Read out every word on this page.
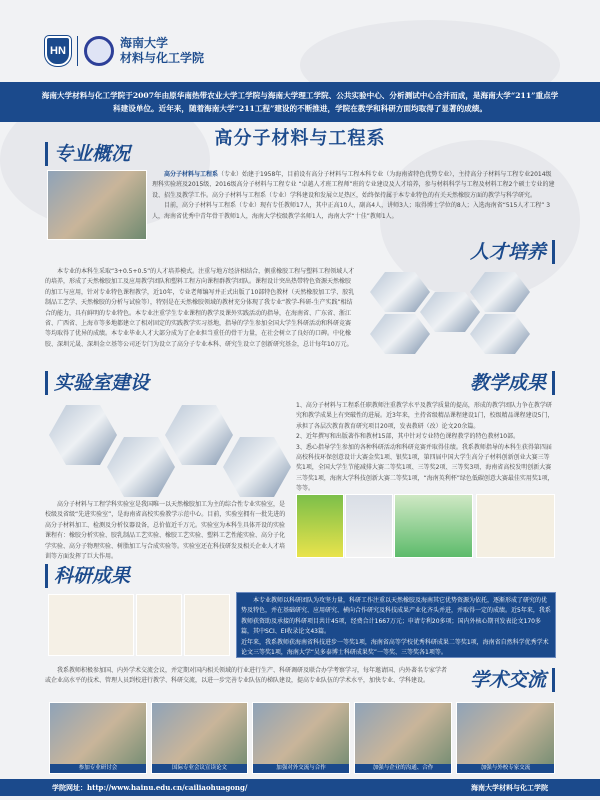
HN
海南大学
材料与化工学院
海南大学材料与化工学院于2007年由原华南热带农业大学工学院与海南大学理工学院、公共实验中心、分析测试中心合并而成，是海南大学“211”重点学科建设单位。近年来，随着海南大学“211工程”建设的不断推进，学院在教学和科研方面均取得了显著的成绩。
高分子材料与工程系
专业概况

高分子材料与工程系（专业）始建于1958年，目前设有高分子材料与工程本科专业（为海南省特色优势专业），主持高分子材料与工程专业2014级理科实验班及2015级、2016级高分子材料与工程专业 “卓越人才班工程师”班的专业建设及人才培养，参与材料科学与工程及材料工程2个硕士专业的建设、招生及教学工作。高分子材料与工程系（专业）学科建设和发展立足热区，始终保持属于本专业特色的有关天然橡胶方面的教学与科学研究。

目前，高分子材料与工程系（专业）现有专任教师17人，其中正高10人，副高4人，讲师3人；取得博士学位的8人；入选海南省“515人才工程” 3人，海南省优秀中青年骨干教师1人，海南大学校级教学名师1人，海南大学“十佳”教师1人。

人才培养

本专业的本科生采取“3+0.5+0.5”的人才培养模式。注重与地方经济相结合，侧重橡胶工程与塑料工程领域人才的培养，形成了天然橡胶加工及应用教学团队和塑料工程方向课程群教学团队。课程设计突出热带特色资源天然橡胶的加工与应用，针对专业特色课程教学，近10年，专业老师编写并正式出版了10部特色教材（天然橡胶加工学、胶乳制品工艺学、天然橡胶的分析与试验等），特别是在天然橡胶领域的教材充分体现了我专业“教学-科研-生产实践”相结合的能力，具有鲜明的专业特色。本专业注重学生专业课程的教学及课外实践活动的指导，在海南省、广东省、浙江省、广西省、上海市等多地都建立了相对固定的实践教学实习基地，指导的学生参加全国大学生科研活动和科研竞赛等均取得了优异的成绩。本专业毕业人才大部分成为了企业担当重任的骨干力量，在社会树立了良好的口碑。中化橡胶、深圳元晟、深圳金立基等公司还专门为设立了高分子专业本科、研究生设立了创新研究基金，总计每年10万元。

实验室建设

高分子材料与工程学科实验室是我国唯一以天然橡胶加工为主的综合性专业实验室，是校级及省级“先进实验室”，是海南省高校实验教学示范中心。目前，实验室拥有一批先进的高分子材料加工、检测及分析仪器设备，总价值近千万元。实验室为本科生具体开设的实验课程有：橡胶分析实验、胶乳制品工艺实验、橡胶工艺实验、塑料工艺性能实验、高分子化学实验、高分子物理实验、树脂加工与合成实验等。实验室还在科技研发及相关企业人才培训等方面发挥了巨大作用。

教学成果

1、高分子材料与工程系任职教师注重教学水平及教学质量的提高，形成的教学团队力争在教学研究和教学成果上有突破性的进展。近3年来，主持省级精品课程建设1门，校级精品课程建设5门，承担了各层次教育教育研究项目20项，发表教研（改）论文20余篇。

2、近年撰写和出版著作和教材15部，其中针对专业特色课程教学的特色教材10部。

3、悉心指导学生参加的各种科研活动和科研竞赛并取得佳绩。我系教师指导的本科生获得第四届高校科技环保创意设计大赛金奖1项、银奖1项，第四届中国大学生高分子材料创新创业大赛三等奖1项，全国大学生节能减排大赛二等奖1项、三等奖2项、三等奖3项，海南省高校发明创新大赛三等奖1项，海南大学科技创新大赛二等奖1项，“海南英利杯”绿色低碳创意大赛最佳实用奖1项，等等。

科研成果

本专业教师以科研团队为攻坚力量，科研工作注重以天然橡胶及海南其它优势资源为依托，逐渐形成了研究的优势及特色，并在基础研究、应用研究、横向合作研究及科技成果产业化齐头并进，并取得一定的成绩。近5年来，我系教师获资助及承接的科研项目共计45项，经费合计1667万元；申请专利20多项；国内外核心期刊发表论文170多篇，其中SCI、EI收录论文43篇。

近年来，我系教师获海南省科技进步一等奖1项，海南省高等学校优秀科研成果二等奖1项，海南省自然科学优秀学术论文三等奖1项，海南大学“吴多泰博士科研成果奖”一等奖、三等奖各1项等。

我系教师积极参加国、内外学术交流会议，并定期对国内相关领域的行业进行生产、科研调研及联合办学考察学习，每年邀请国、内外著名专家学者或企业高水平的技术、管理人员到校进行教学、科研交流，以进一步完善专业队伍的梯队建设，提高专业队伍的学术水平，加快专业、学科建设。	学术交流
参加专业研讨会	国际专业会议宣读论文	加强对外交流与合作	加强与企业的沟通、合作	加强与外校专家交流
学院网址：http://www.hainu.edu.cn/cailiaohuagong/	海南大学材料与化工学院
